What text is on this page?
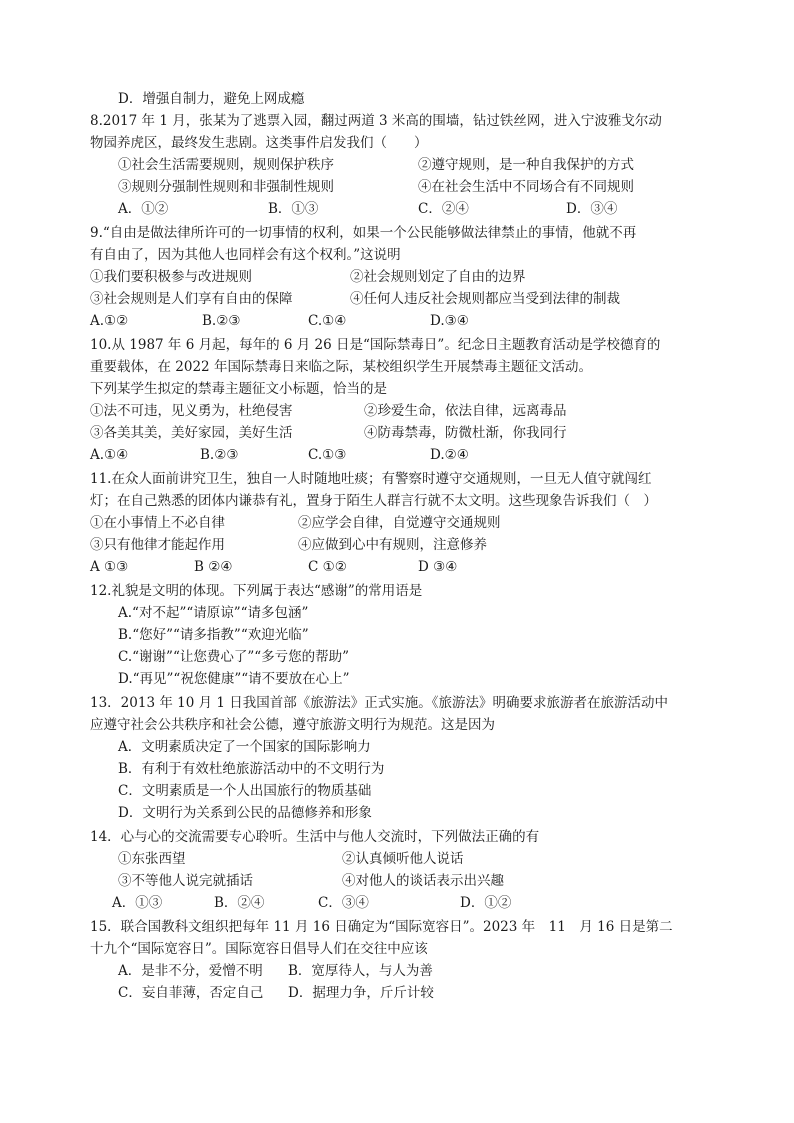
D．增强自制力，避免上网成瘾
8.2017 年 1 月，张某为了逃票入园，翻过两道 3 米高的围墙，钻过铁丝网，进入宁波雅戈尔动
物园养虎区，最终发生悲剧。这类事件启发我们（　　）
①社会生活需要规则，规则保护秩序	②遵守规则，是一种自我保护的方式
③规则分强制性规则和非强制性规则	④在社会生活中不同场合有不同规则
A．①②	B．①③	C．②④	D．③④
9.“自由是做法律所许可的一切事情的权利，如果一个公民能够做法律禁止的事情，他就不再
有自由了，因为其他人也同样会有这个权利。”这说明
①我们要积极参与改进规则	②社会规则划定了自由的边界
③社会规则是人们享有自由的保障	④任何人违反社会规则都应当受到法律的制裁
A.①②	B.②③	C.①④	D.③④
10.从 1987 年 6 月起，每年的 6 月 26 日是“国际禁毒日”。纪念日主题教育活动是学校德育的
重要载体，在 2022 年国际禁毒日来临之际，某校组织学生开展禁毒主题征文活动。
下列某学生拟定的禁毒主题征文小标题，恰当的是
①法不可违，见义勇为，杜绝侵害	②珍爱生命，依法自律，远离毒品
③各美其美，美好家园，美好生活	④防毒禁毒，防微杜渐，你我同行
A.①④	B.②③	C.①③	D.②④
11.在众人面前讲究卫生，独自一人时随地吐痰；有警察时遵守交通规则，一旦无人值守就闯红
灯；在自己熟悉的团体内谦恭有礼，置身于陌生人群言行就不太文明。这些现象告诉我们（　）
①在小事情上不必自律	②应学会自律，自觉遵守交通规则
③只有他律才能起作用	④应做到心中有规则，注意修养
A ①③	B ②④	C ①②	D ③④
12.礼貌是文明的体现。下列属于表达“感谢”的常用语是
A.“对不起”“请原谅”“请多包涵”
B.“您好”“请多指教”“欢迎光临”
C.“谢谢”“让您费心了”“多亏您的帮助”
D.“再见”“祝您健康”“请不要放在心上”
13．2013 年 10 月 1 日我国首部《旅游法》正式实施。《旅游法》明确要求旅游者在旅游活动中
应遵守社会公共秩序和社会公德，遵守旅游文明行为规范。这是因为
A．文明素质决定了一个国家的国际影响力
B．有利于有效杜绝旅游活动中的不文明行为
C．文明素质是一个人出国旅行的物质基础
D．文明行为关系到公民的品德修养和形象
14．心与心的交流需要专心聆听。生活中与他人交流时，下列做法正确的有
①东张西望	②认真倾听他人说话
③不等他人说完就插话	④对他人的谈话表示出兴趣
A．①③	B．②④	C．③④	D．①②
15．联合国教科文组织把每年 11 月 16 日确定为“国际宽容日”。2023 年　11　月 16 日是第二
十九个“国际宽容日”。国际宽容日倡导人们在交往中应该
A．是非不分，爱憎不明 B．宽厚待人，与人为善
C．妄自菲薄，否定自己 D．据理力争，斤斤计较
